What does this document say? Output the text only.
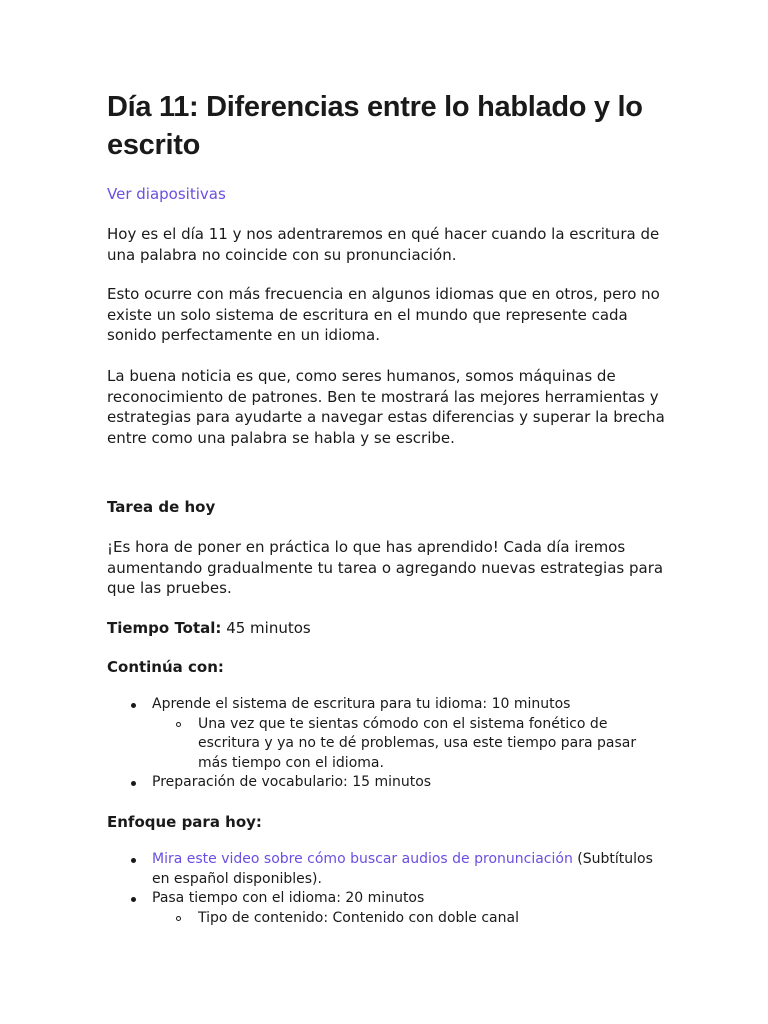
Día 11: Diferencias entre lo hablado y lo escrito
Ver diapositivas

Hoy es el día 11 y nos adentraremos en qué hacer cuando la escritura de una palabra no coincide con su pronunciación.

Esto ocurre con más frecuencia en algunos idiomas que en otros, pero no existe un solo sistema de escritura en el mundo que represente cada sonido perfectamente en un idioma.

La buena noticia es que, como seres humanos, somos máquinas de reconocimiento de patrones. Ben te mostrará las mejores herramientas y estrategias para ayudarte a navegar estas diferencias y superar la brecha entre como una palabra se habla y se escribe.

Tarea de hoy

¡Es hora de poner en práctica lo que has aprendido! Cada día iremos aumentando gradualmente tu tarea o agregando nuevas estrategias para que las pruebes.

Tiempo Total: 45 minutos

Continúa con:
Aprende el sistema de escritura para tu idioma: 10 minutos
Una vez que te sientas cómodo con el sistema fonético de escritura y ya no te dé problemas, usa este tiempo para pasar más tiempo con el idioma.
Preparación de vocabulario: 15 minutos
Enfoque para hoy:
Mira este video sobre cómo buscar audios de pronunciación (Subtítulos en español disponibles).
Pasa tiempo con el idioma: 20 minutos
Tipo de contenido: Contenido con doble canal
